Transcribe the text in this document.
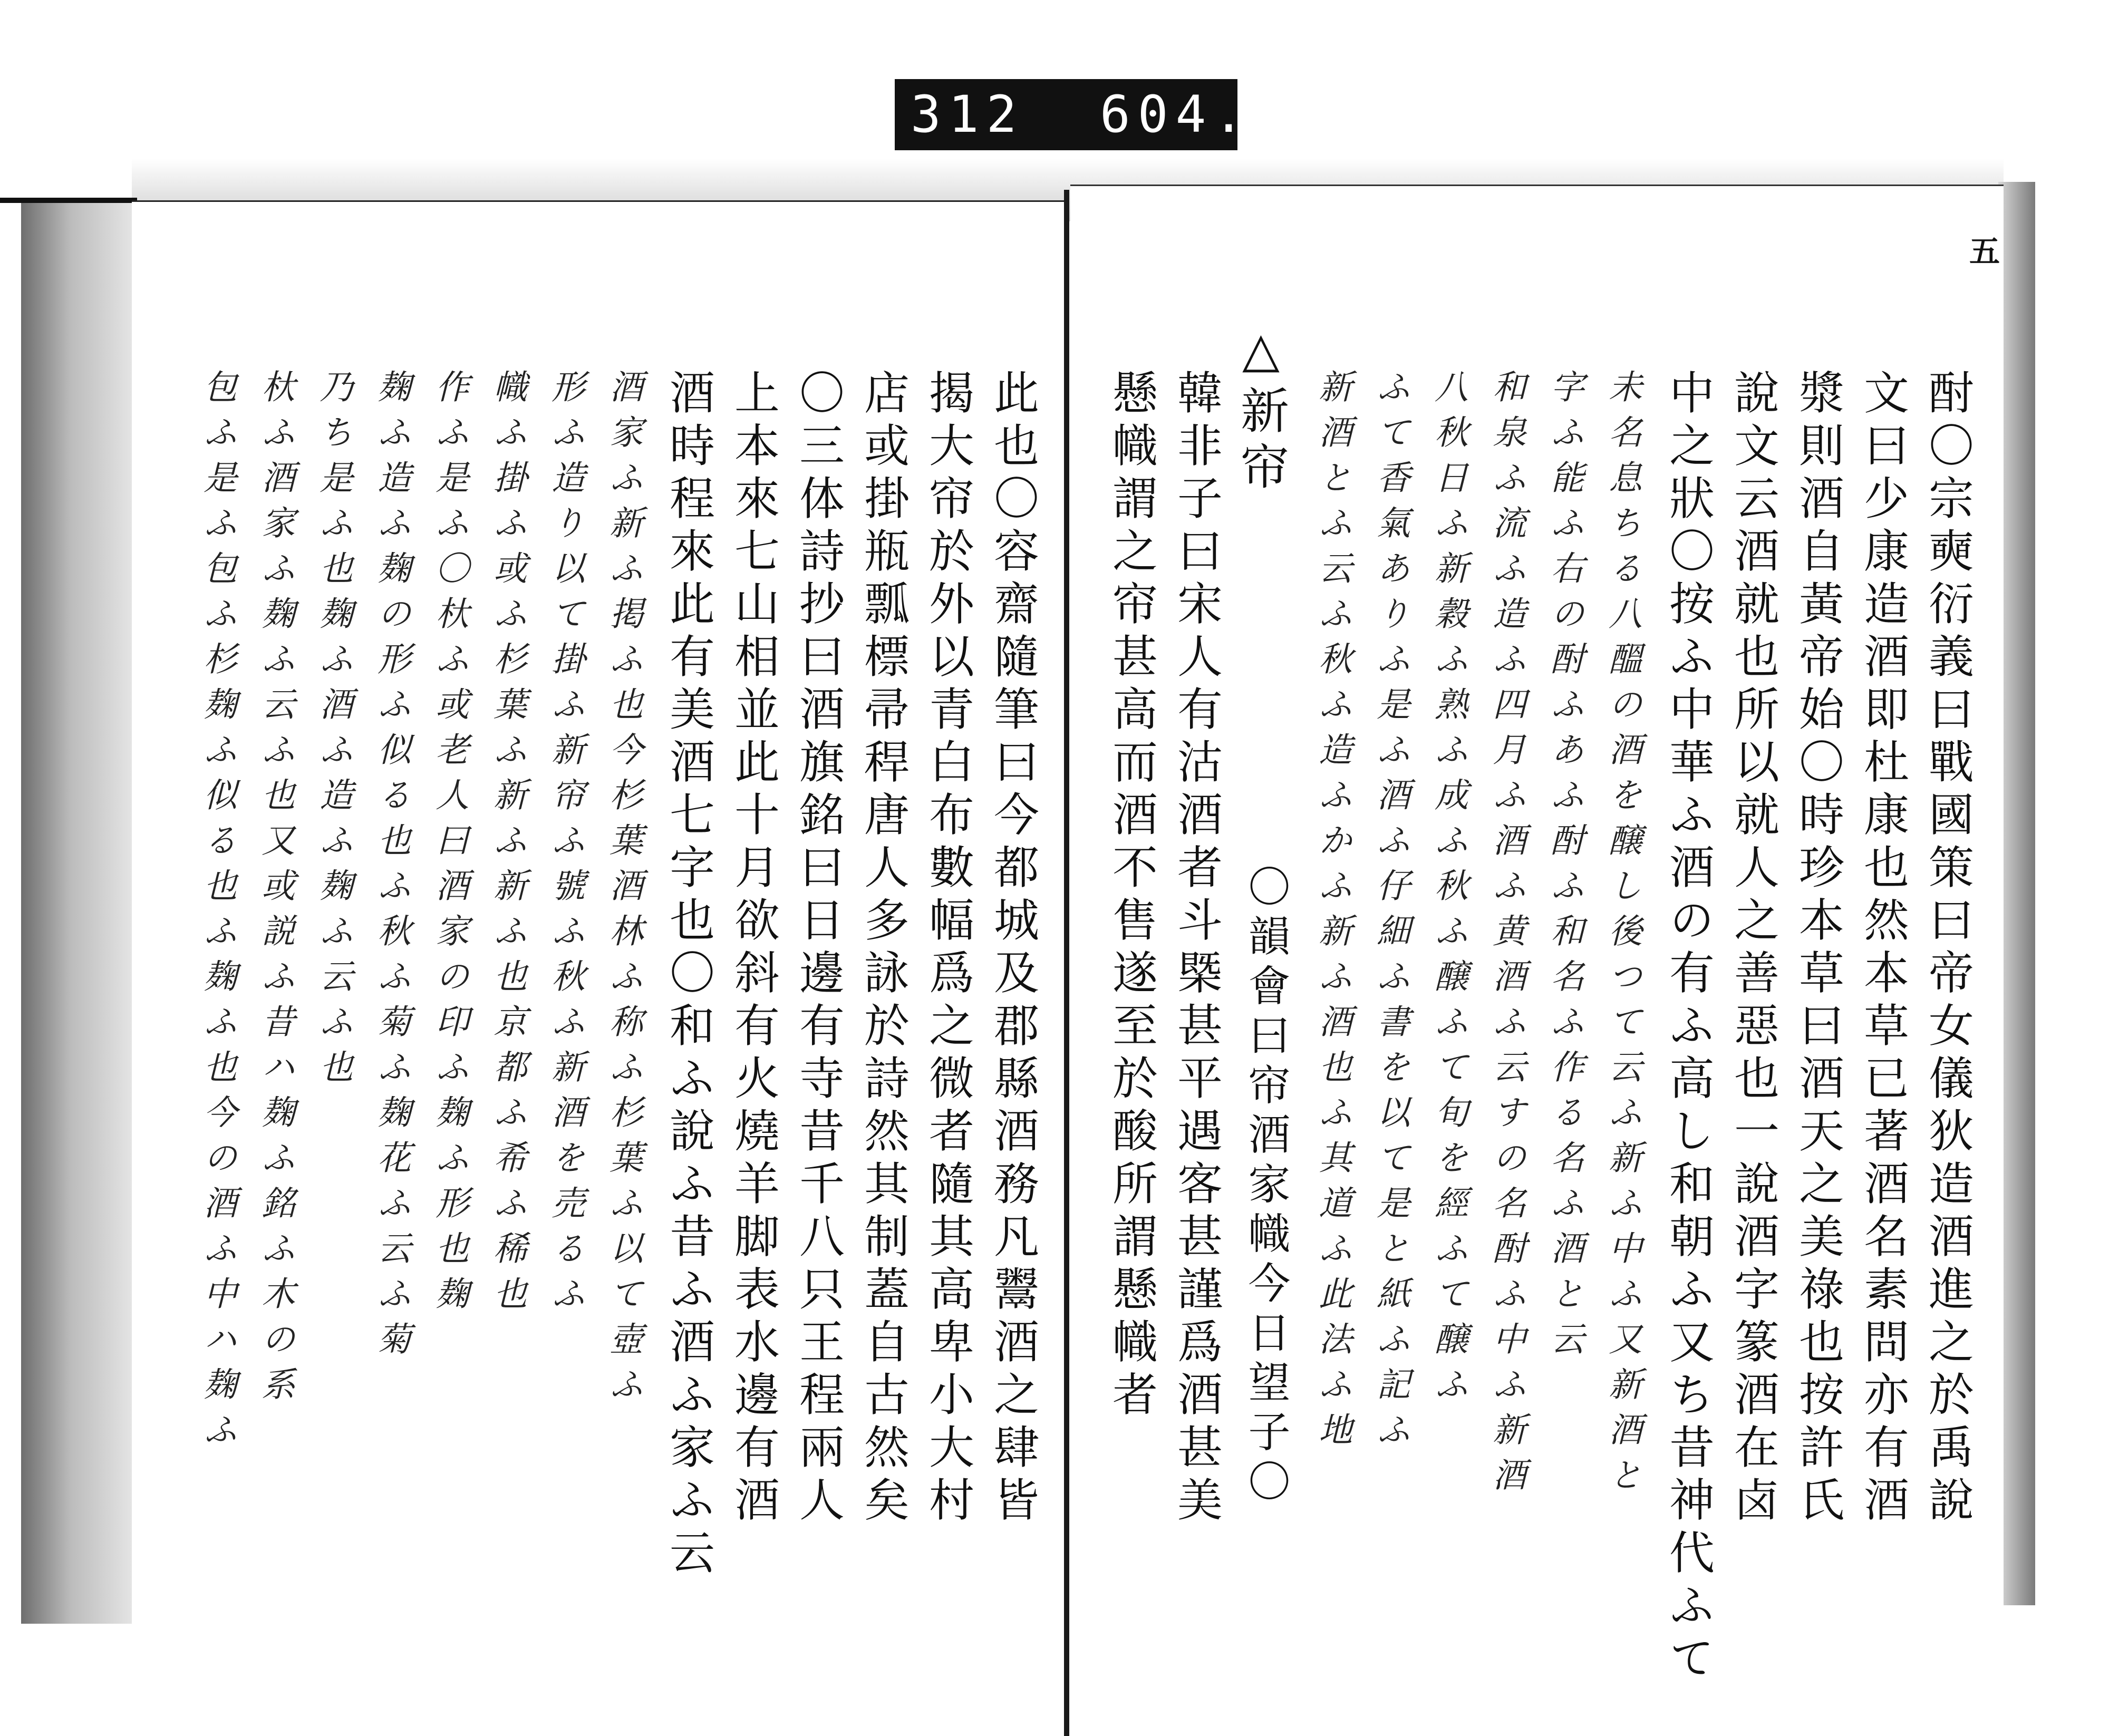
312  604.
五
酎〇宗奭衍義曰戰國策曰帝女儀狄造酒進之於禹說
文曰少康造酒即杜康也然本草已著酒名素問亦有酒
漿則酒自黃帝始〇時珍本草曰酒天之美祿也按許氏
說文云酒就也所以就人之善惡也一說酒字篆酒在卤
中之狀〇按ふ中華ふ酒の有ふ高し和朝ふ又ち昔神代ふて
未名息ちる八醞の酒を醸し後つて云ふ新ふ中ふ又新酒と
字ふ能ふ右の酎ふあふ酎ふ和名ふ作る名ふ酒と云
和泉ふ流ふ造ふ四月ふ酒ふ黄酒ふ云すの名酎ふ中ふ新酒
八秋日ふ新穀ふ熟ふ成ふ秋ふ醸ふて旬を經ふて醸ふ
ふて香氣ありふ是ふ酒ふ仔細ふ書を以て是と紙ふ記ふ
新酒とふ云ふ秋ふ造ふかふ新ふ酒也ふ其道ふ此法ふ地
△新帘
〇韻會曰帘酒家幟今日望子〇
韓非子曰宋人有沽酒者斗槩甚平遇客甚謹爲酒甚美
懸幟謂之帘甚高而酒不售遂至於酸所謂懸幟者
此也〇容齋隨筆曰今都城及郡縣酒務凡鬻酒之肆皆
揭大帘於外以青白布數幅爲之微者隨其高卑小大村
店或掛瓶瓢標帚稈唐人多詠於詩然其制蓋自古然矣
〇三体詩抄曰酒旗銘曰日邊有寺昔千八只王程兩人
上本來七山相並此十月欲斜有火燒羊脚表水邊有酒
酒時程來此有美酒七字也〇和ふ說ふ昔ふ酒ふ家ふ云
酒家ふ新ふ掲ふ也今杉葉酒林ふ称ふ杉葉ふ以て壺ふ
形ふ造り以て掛ふ新帘ふ號ふ秋ふ新酒を売るふ
幟ふ掛ふ或ふ杉葉ふ新ふ新ふ也京都ふ希ふ稀也
作ふ是ふ〇杕ふ或老人曰酒家の印ふ麹ふ形也麹
麹ふ造ふ麹の形ふ似る也ふ秋ふ菊ふ麹花ふ云ふ菊
乃ち是ふ也麹ふ酒ふ造ふ麹ふ云ふ也
杕ふ酒家ふ麹ふ云ふ也又或説ふ昔ハ麹ふ銘ふ木の系
包ふ是ふ包ふ杉麹ふ似る也ふ麹ふ也今の酒ふ中ハ麹ふ
